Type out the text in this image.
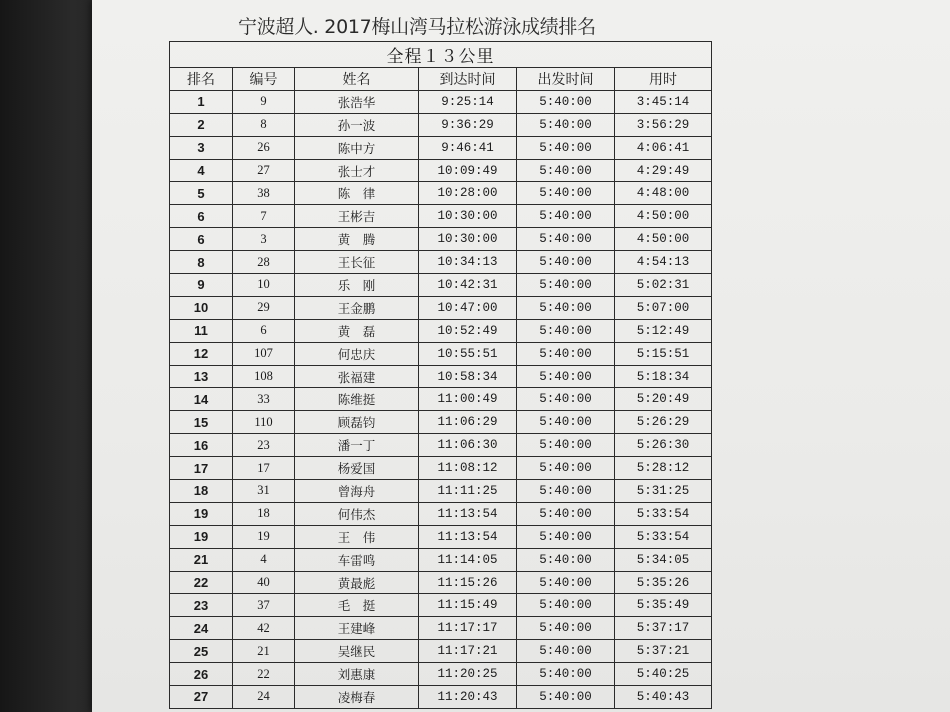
宁波超人. 2017梅山湾马拉松游泳成绩排名
全程１３公里					
排名	编号	姓名	到达时间	出发时间	用时
1	9	张浩华	9:25:14	5:40:00	3:45:14
2	8	孙一波	9:36:29	5:40:00	3:56:29
3	26	陈中方	9:46:41	5:40:00	4:06:41
4	27	张士才	10:09:49	5:40:00	4:29:49
5	38	陈　律	10:28:00	5:40:00	4:48:00
6	7	王彬吉	10:30:00	5:40:00	4:50:00
6	3	黄　腾	10:30:00	5:40:00	4:50:00
8	28	王长征	10:34:13	5:40:00	4:54:13
9	10	乐　刚	10:42:31	5:40:00	5:02:31
10	29	王金鹏	10:47:00	5:40:00	5:07:00
11	6	黄　磊	10:52:49	5:40:00	5:12:49
12	107	何忠庆	10:55:51	5:40:00	5:15:51
13	108	张福建	10:58:34	5:40:00	5:18:34
14	33	陈维挺	11:00:49	5:40:00	5:20:49
15	110	顾磊钧	11:06:29	5:40:00	5:26:29
16	23	潘一丁	11:06:30	5:40:00	5:26:30
17	17	杨爱国	11:08:12	5:40:00	5:28:12
18	31	曾海舟	11:11:25	5:40:00	5:31:25
19	18	何伟杰	11:13:54	5:40:00	5:33:54
19	19	王　伟	11:13:54	5:40:00	5:33:54
21	4	车雷鸣	11:14:05	5:40:00	5:34:05
22	40	黄最彪	11:15:26	5:40:00	5:35:26
23	37	毛　挺	11:15:49	5:40:00	5:35:49
24	42	王建峰	11:17:17	5:40:00	5:37:17
25	21	吴继民	11:17:21	5:40:00	5:37:21
26	22	刘惠康	11:20:25	5:40:00	5:40:25
27	24	凌梅春	11:20:43	5:40:00	5:40:43
